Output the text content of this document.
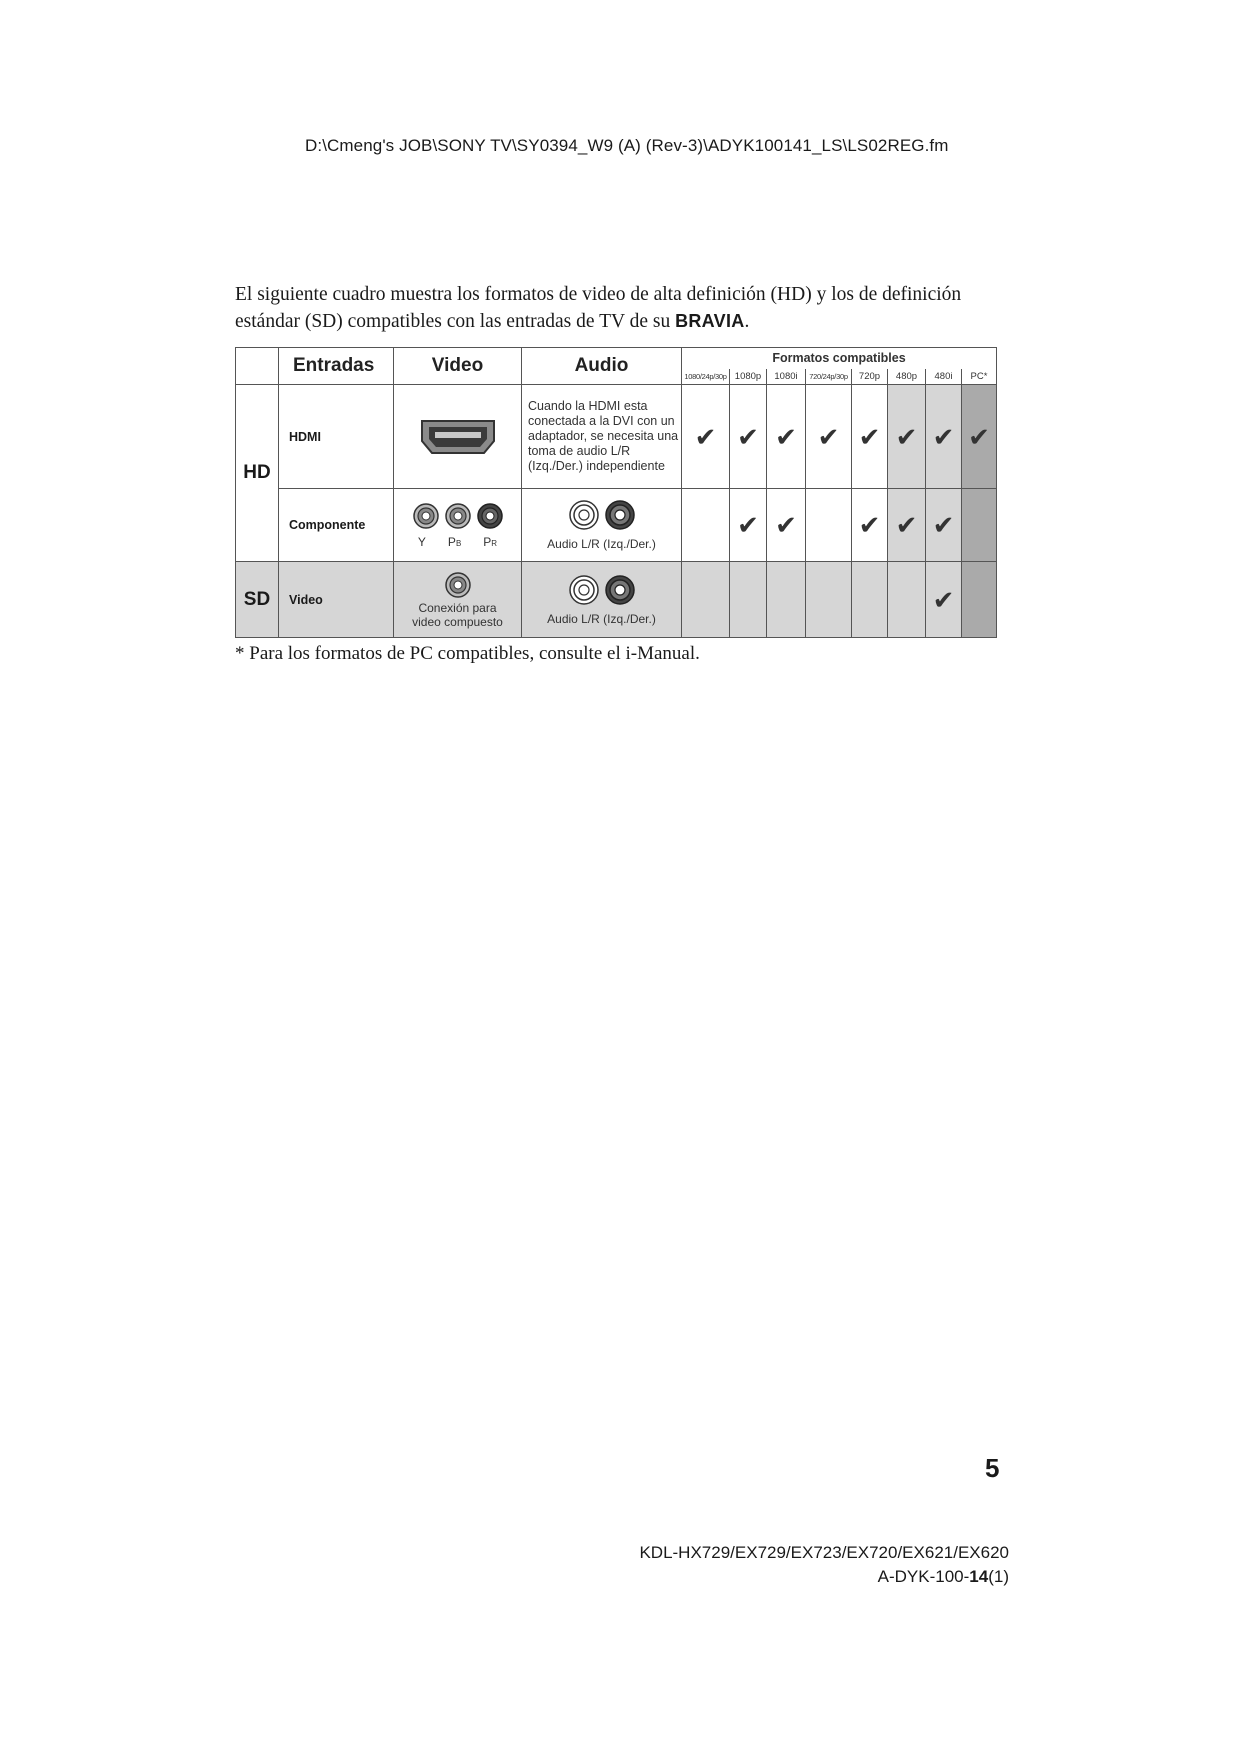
D:\Cmeng's JOB\SONY TV\SY0394_W9 (A) (Rev-3)\ADYK100141_LS\LS02REG.fm

El siguiente cuadro muestra los formatos de video de alta definición (HD) y los de definición estándar (SD) compatibles con las entradas de TV de su BRAVIA.

	Entradas	Video	Audio	Formatos compatibles							
				1080/24p/30p	1080p	1080i	720/24p/30p	720p	480p	480i	PC*
HD	HDMI		Cuando la HDMI esta conectada a la DVI con un adaptador, se necesita una toma de audio L/R (Izq./Der.) independiente	✔	✔	✔	✔	✔	✔	✔	✔
	Componente	Y PB PR	Audio L/R (Izq./Der.)		✔	✔		✔	✔	✔	
SD	Video	Conexión para
video compuesto	Audio L/R (Izq./Der.)							✔	
* Para los formatos de PC compatibles, consulte el i-Manual.
5
KDL-HX729/EX729/EX723/EX720/EX621/EX620
A-DYK-100-14(1)
